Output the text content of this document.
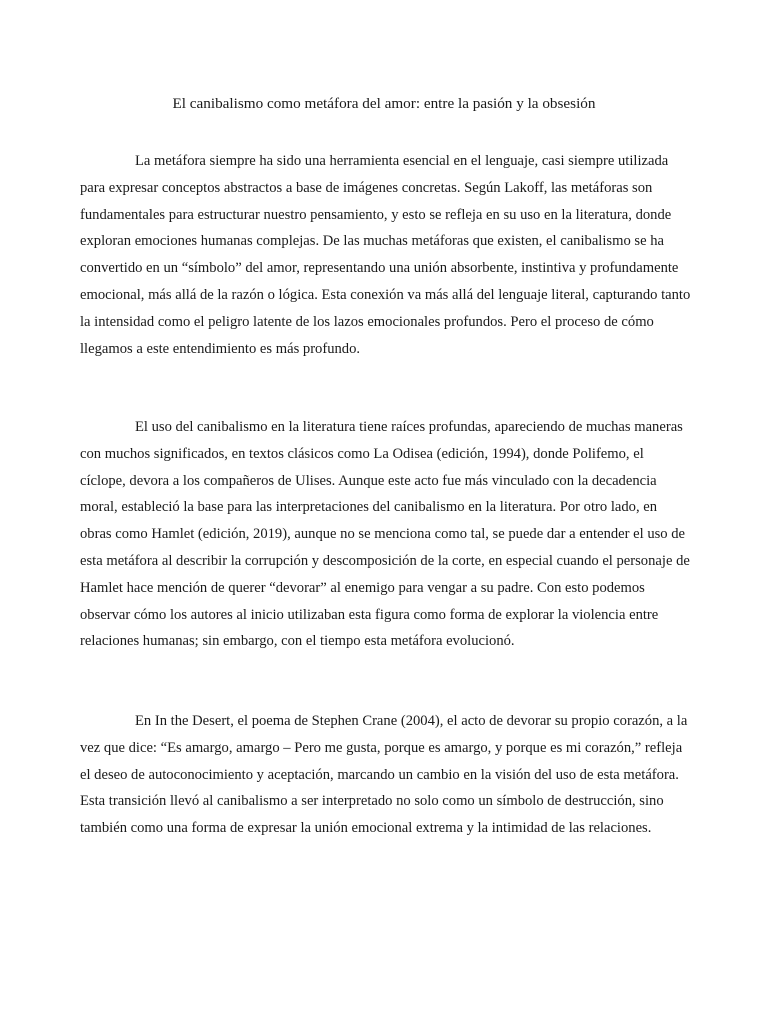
El canibalismo como metáfora del amor: entre la pasión y la obsesión

La metáfora siempre ha sido una herramienta esencial en el lenguaje, casi siempre utilizada para expresar conceptos abstractos a base de imágenes concretas. Según Lakoff, las metáforas son fundamentales para estructurar nuestro pensamiento, y esto se refleja en su uso en la literatura, donde exploran emociones humanas complejas. De las muchas metáforas que existen, el canibalismo se ha convertido en un “símbolo” del amor, representando una unión absorbente, instintiva y profundamente emocional, más allá de la razón o lógica. Esta conexión va más allá del lenguaje literal, capturando tanto la intensidad como el peligro latente de los lazos emocionales profundos. Pero el proceso de cómo llegamos a este entendimiento es más profundo.

El uso del canibalismo en la literatura tiene raíces profundas, apareciendo de muchas maneras con muchos significados, en textos clásicos como La Odisea (edición, 1994), donde Polifemo, el cíclope, devora a los compañeros de Ulises. Aunque este acto fue más vinculado con la decadencia moral, estableció la base para las interpretaciones del canibalismo en la literatura. Por otro lado, en obras como Hamlet (edición, 2019), aunque no se menciona como tal, se puede dar a entender el uso de esta metáfora al describir la corrupción y descomposición de la corte, en especial cuando el personaje de Hamlet hace mención de querer “devorar” al enemigo para vengar a su padre. Con esto podemos observar cómo los autores al inicio utilizaban esta figura como forma de explorar la violencia entre relaciones humanas; sin embargo, con el tiempo esta metáfora evolucionó.

En In the Desert, el poema de Stephen Crane (2004), el acto de devorar su propio corazón, a la vez que dice: “Es amargo, amargo – Pero me gusta, porque es amargo, y porque es mi corazón,” refleja el deseo de autoconocimiento y aceptación, marcando un cambio en la visión del uso de esta metáfora. Esta transición llevó al canibalismo a ser interpretado no solo como un símbolo de destrucción, sino también como una forma de expresar la unión emocional extrema y la intimidad de las relaciones.
